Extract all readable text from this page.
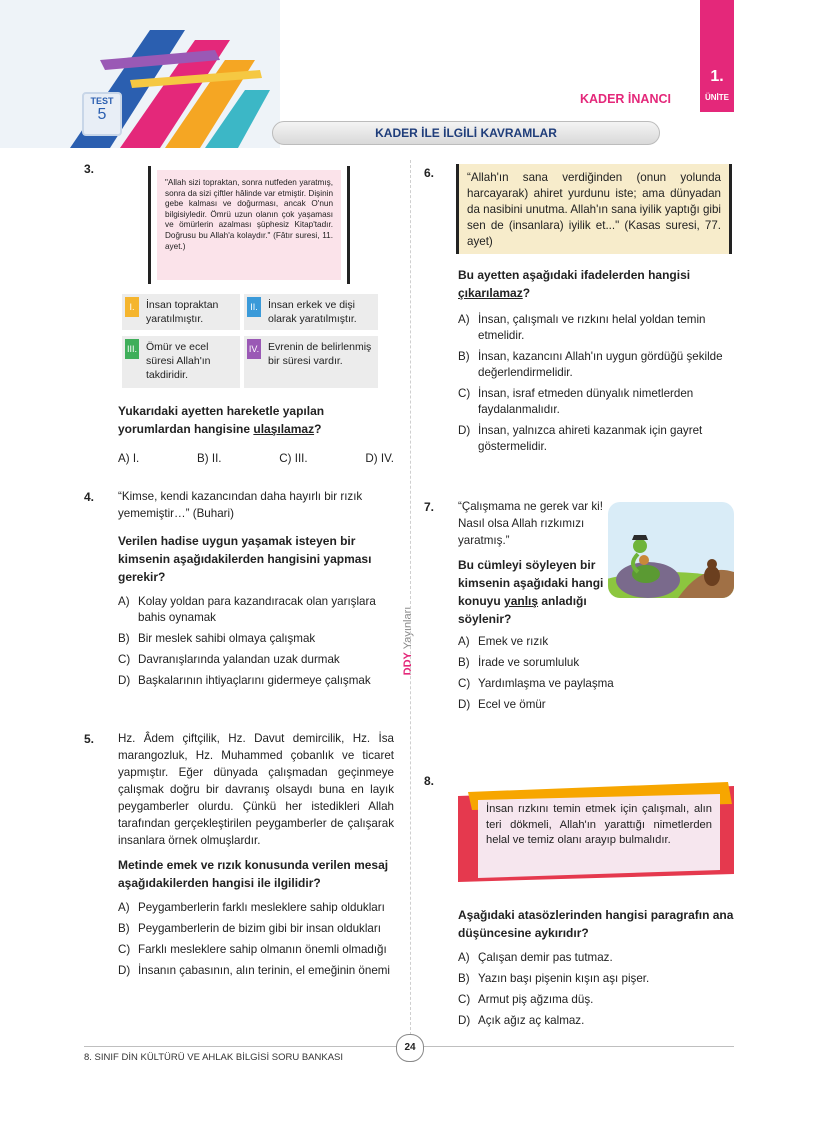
TEST
5
KADER İNANCI
1.
ÜNİTE
KADER İLE İLGİLİ KAVRAMLAR
DDY Yayınları
3.
"Allah sizi topraktan, sonra nutfeden yaratmış, sonra da sizi çiftler hâlinde var etmiştir. Dişinin gebe kalması ve doğurması, ancak O'nun bilgisiyledir. Ömrü uzun olanın çok yaşaması ve ömürlerin azalması şüphesiz Kitap'tadır. Doğrusu bu Allah'a kolaydır." (Fâtır suresi, 11. ayet.)
I.	İnsan topraktan yaratılmıştır.
II. İnsan erkek ve dişi olarak yaratılmıştır.
III. Ömür ve ecel süresi Allah'ın takdiridir.
IV. Evrenin de belirlenmiş bir süresi vardır.
Yukarıdaki ayetten hareketle yapılan yorumlardan hangisine ulaşılamaz?
A) I.	B) II.	C) III.	D) IV.
4. “Kimse, kendi kazancından daha hayırlı bir rızık yememiştir…” (Buhari)
Verilen hadise uygun yaşamak isteyen bir kimsenin aşağıdakilerden hangisini yapması gerekir?
A) Kolay yoldan para kazandıracak olan yarışlara bahis oynamak
B) Bir meslek sahibi olmaya çalışmak
C) Davranışlarında yalandan uzak durmak
D) Başkalarının ihtiyaçlarını gidermeye çalışmak
5. Hz. Âdem çiftçilik, Hz. Davut demircilik, Hz. İsa marangozluk, Hz. Muhammed çobanlık ve ticaret yapmıştır. Eğer dünyada çalışmadan geçinmeye çalışmak doğru bir davranış olsaydı buna en layık peygamberler olurdu. Çünkü her istedikleri Allah tarafından gerçekleştirilen peygamberler de çalışarak insanlara örnek olmuşlardır.
Metinde emek ve rızık konusunda verilen mesaj aşağıdakilerden hangisi ile ilgilidir?
A) Peygamberlerin farklı mesleklere sahip oldukları
B) Peygamberlerin de bizim gibi bir insan oldukları
C) Farklı mesleklere sahip olmanın önemli olmadığı
D) İnsanın çabasının, alın terinin, el emeğinin önemi
6.	“Allah'ın sana verdiğinden (onun yolunda harcayarak) ahiret yurdunu iste; ama dünyadan da nasibini unutma. Allah'ın sana iyilik yaptığı gibi sen de (insanlara) iyilik et..." (Kasas suresi, 77. ayet)
Bu ayetten aşağıdaki ifadelerden hangisi çıkarılamaz?
A) İnsan, çalışmalı ve rızkını helal yoldan temin etmelidir.
B) İnsan, kazancını Allah'ın uygun gördüğü şekilde değerlendirmelidir.
C) İnsan, israf etmeden dünyalık nimetlerden faydalanmalıdır.
D) İnsan, yalnızca ahireti kazanmak için gayret göstermelidir.
7. “Çalışmama ne gerek var ki! Nasıl olsa Allah rızkımızı yaratmış.”
Bu cümleyi söyleyen bir kimsenin aşağıdaki hangi konuyu yanlış anladığı söylenir?
A) Emek ve rızık
B) İrade ve sorumluluk
C) Yardımlaşma ve paylaşma
D) Ecel ve ömür
8.
İnsan rızkını temin etmek için çalışmalı, alın teri dökmeli, Allah'ın yarattığı nimetlerden helal ve temiz olanı arayıp bulmalıdır.
Aşağıdaki atasözlerinden hangisi paragrafın ana düşüncesine aykırıdır?
A) Çalışan demir pas tutmaz.
B) Yazın başı pişenin kışın aşı pişer.
C) Armut piş ağzıma düş.
D) Açık ağız aç kalmaz.
8. SINIF DİN KÜLTÜRÜ VE AHLAK BİLGİSİ SORU BANKASI
24
